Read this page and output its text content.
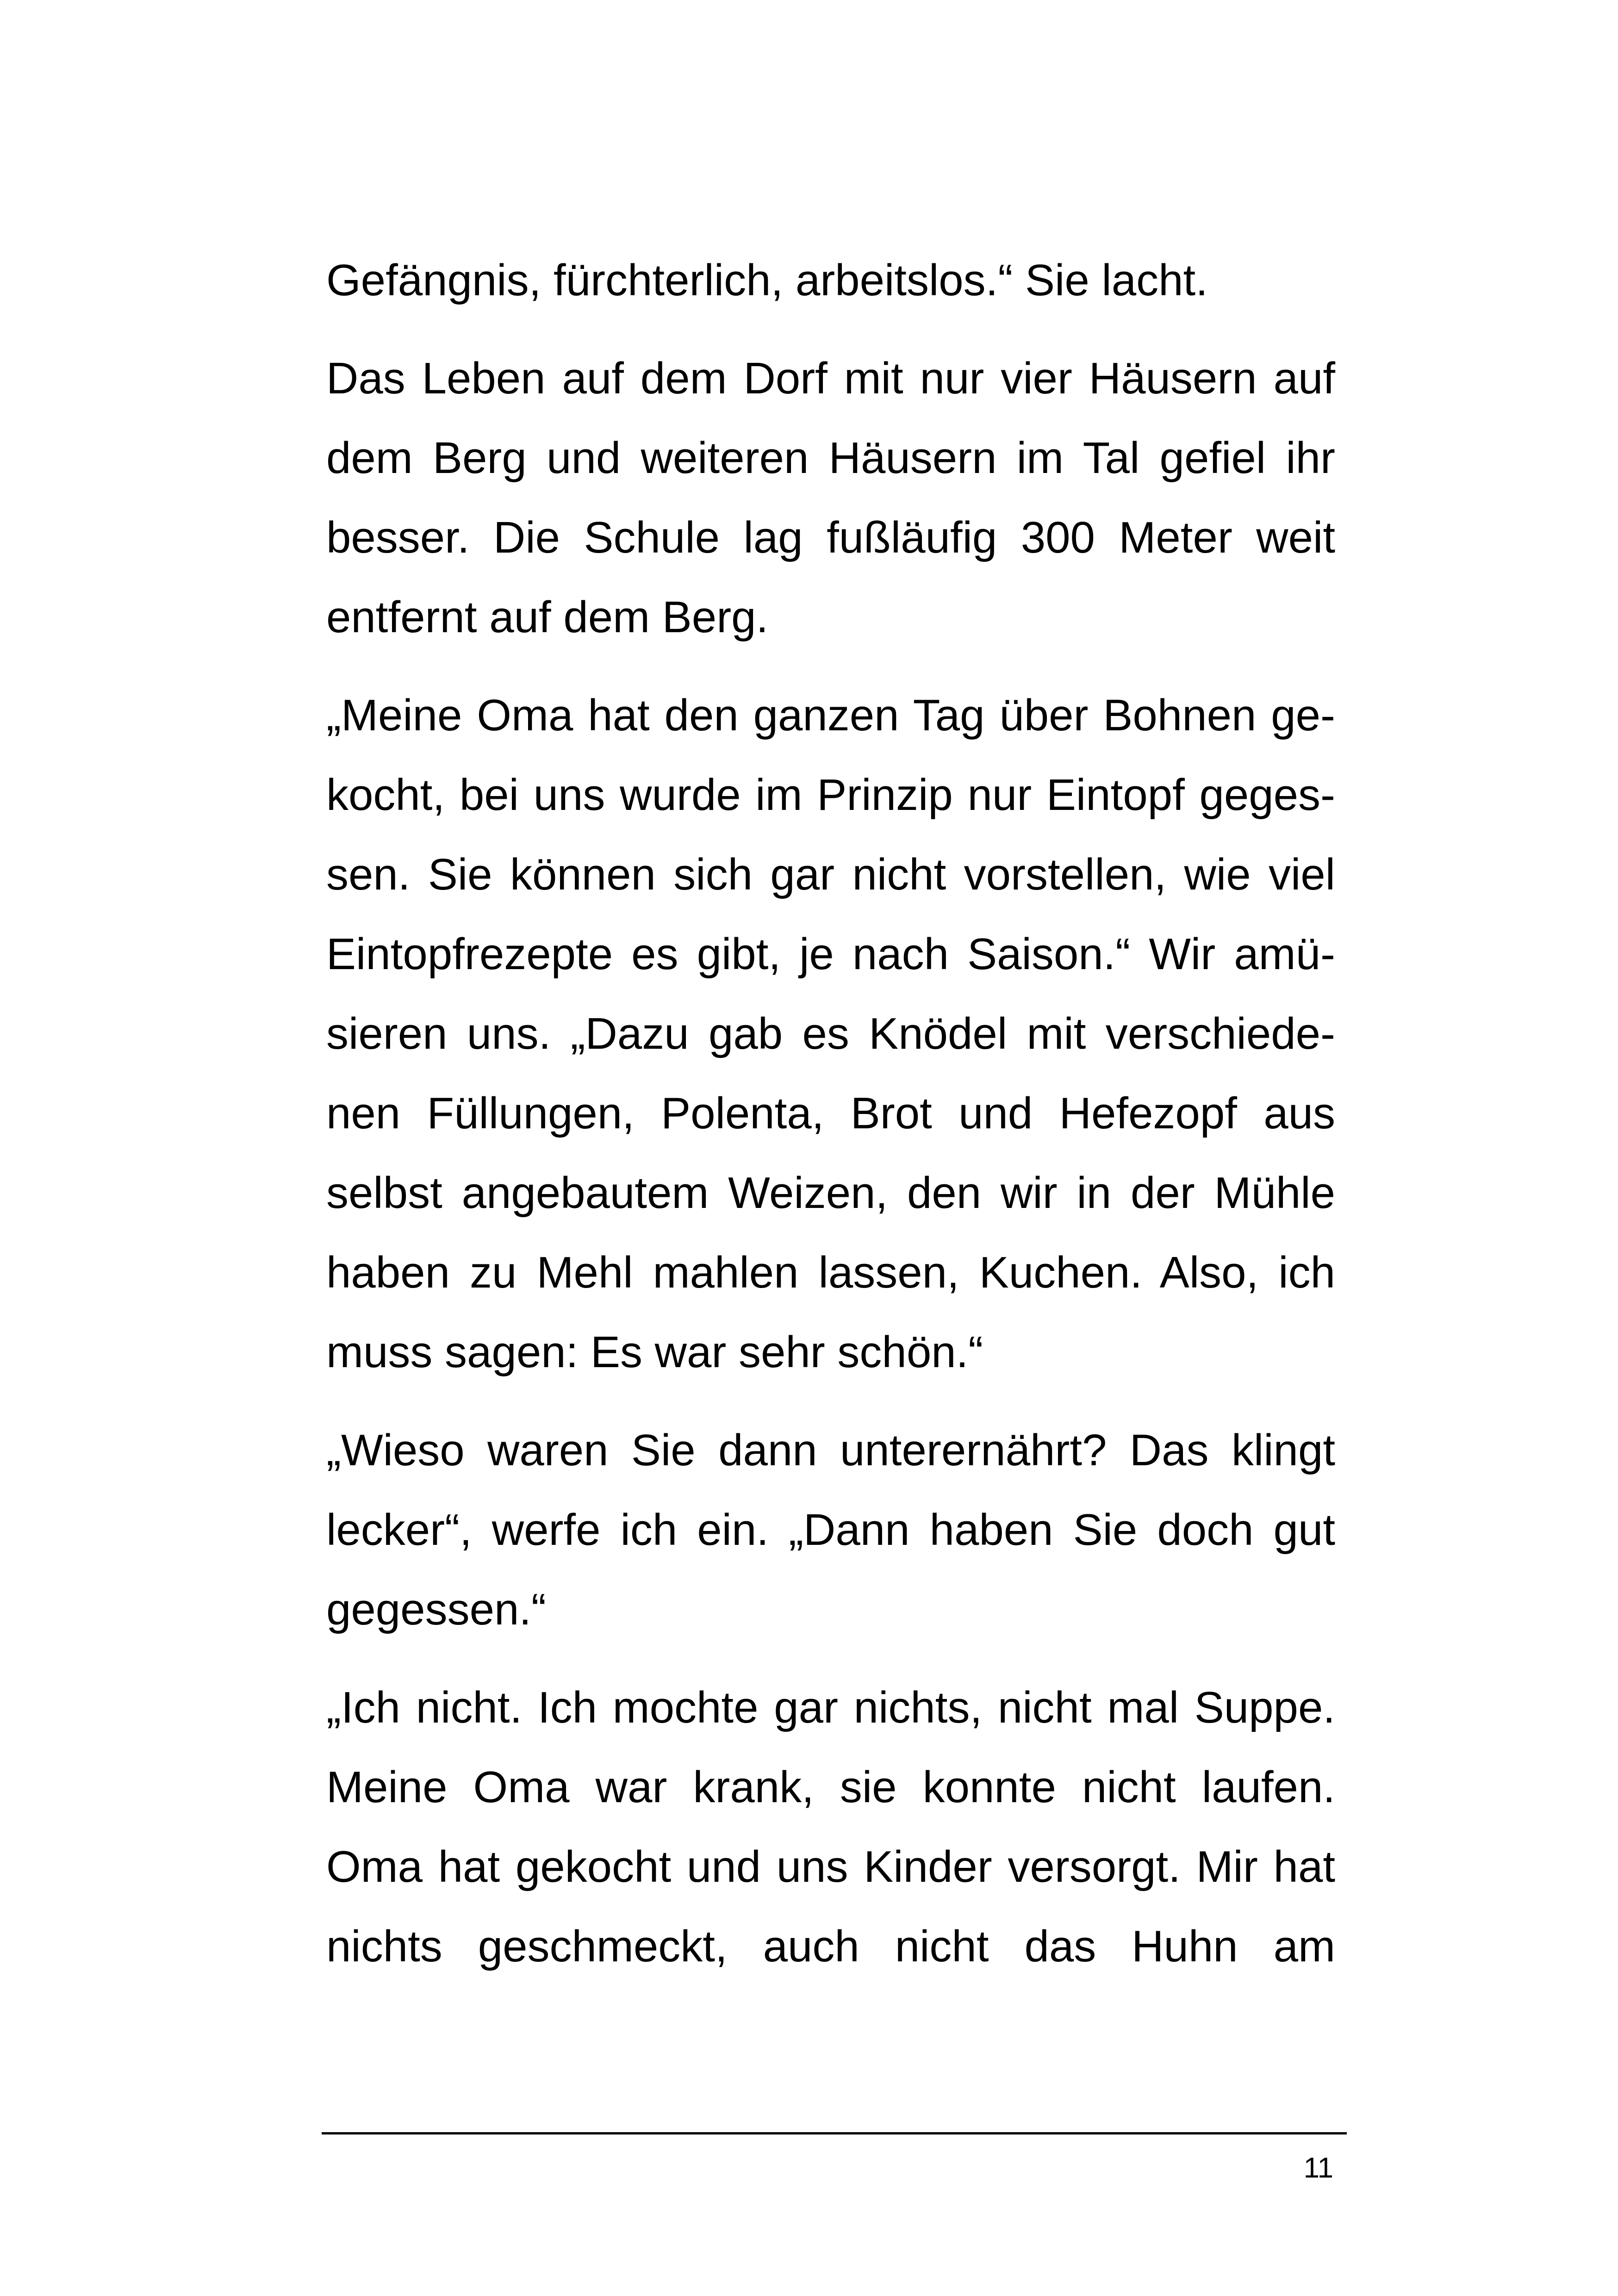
Gefängnis, fürchterlich, arbeitslos.“ Sie lacht.

Das Leben auf dem Dorf mit nur vier Häusern auf
dem Berg und weiteren Häusern im Tal gefiel ihr
besser. Die Schule lag fußläufig 300 Meter weit
entfernt auf dem Berg.

„Meine Oma hat den ganzen Tag über Bohnen ge-
kocht, bei uns wurde im Prinzip nur Eintopf geges-
sen. Sie können sich gar nicht vorstellen, wie viel
Eintopfrezepte es gibt, je nach Saison.“ Wir amü-
sieren uns. „Dazu gab es Knödel mit verschiede-
nen Füllungen, Polenta, Brot und Hefezopf aus
selbst angebautem Weizen, den wir in der Mühle
haben zu Mehl mahlen lassen, Kuchen. Also, ich
muss sagen: Es war sehr schön.“

„Wieso waren Sie dann unterernährt? Das klingt
lecker“, werfe ich ein. „Dann haben Sie doch gut
gegessen.“

„Ich nicht. Ich mochte gar nichts, nicht mal Suppe.
Meine Oma war krank, sie konnte nicht laufen.
Oma hat gekocht und uns Kinder versorgt. Mir hat
nichts geschmeckt, auch nicht das Huhn am

11
